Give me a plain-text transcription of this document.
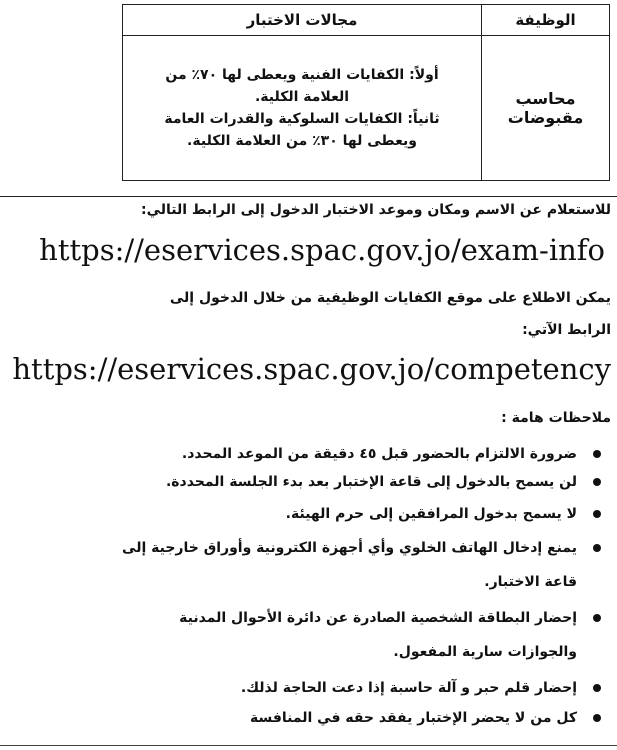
الوظيفة	مجالات الاختبار
محاسب مقبوضات	أولاً: الكفايات الفنية ويعطى لها ٧٠٪ من
العلامة الكلية.
ثانياً: الكفايات السلوكية والقدرات العامة
ويعطى لها ٣٠٪ من العلامة الكلية.
للاستعلام عن الاسم ومكان وموعد الاختبار الدخول إلى الرابط التالي:
https://eservices.spac.gov.jo/exam-info
يمكن الاطلاع على موقع الكفايات الوظيفية من خلال الدخول إلى
الرابط الآتي:
https://eservices.spac.gov.jo/competency
ملاحظات هامة :
ضرورة الالتزام بالحضور قبل ٤٥ دقيقة من الموعد المحدد.
لن يسمح بالدخول إلى قاعة الإختبار بعد بدء الجلسة المحددة.
لا يسمح بدخول المرافقين إلى حرم الهيئة.
يمنع إدخال الهاتف الخلوي وأي أجهزة الكترونية وأوراق خارجية إلى
قاعة الاختبار.
إحضار البطاقة الشخصية الصادرة عن دائرة الأحوال المدنية
والجوازات سارية المفعول.
إحضار قلم حبر و آلة حاسبة إذا دعت الحاجة لذلك.
كل من لا يحضر الإختبار يفقد حقه في المنافسة
